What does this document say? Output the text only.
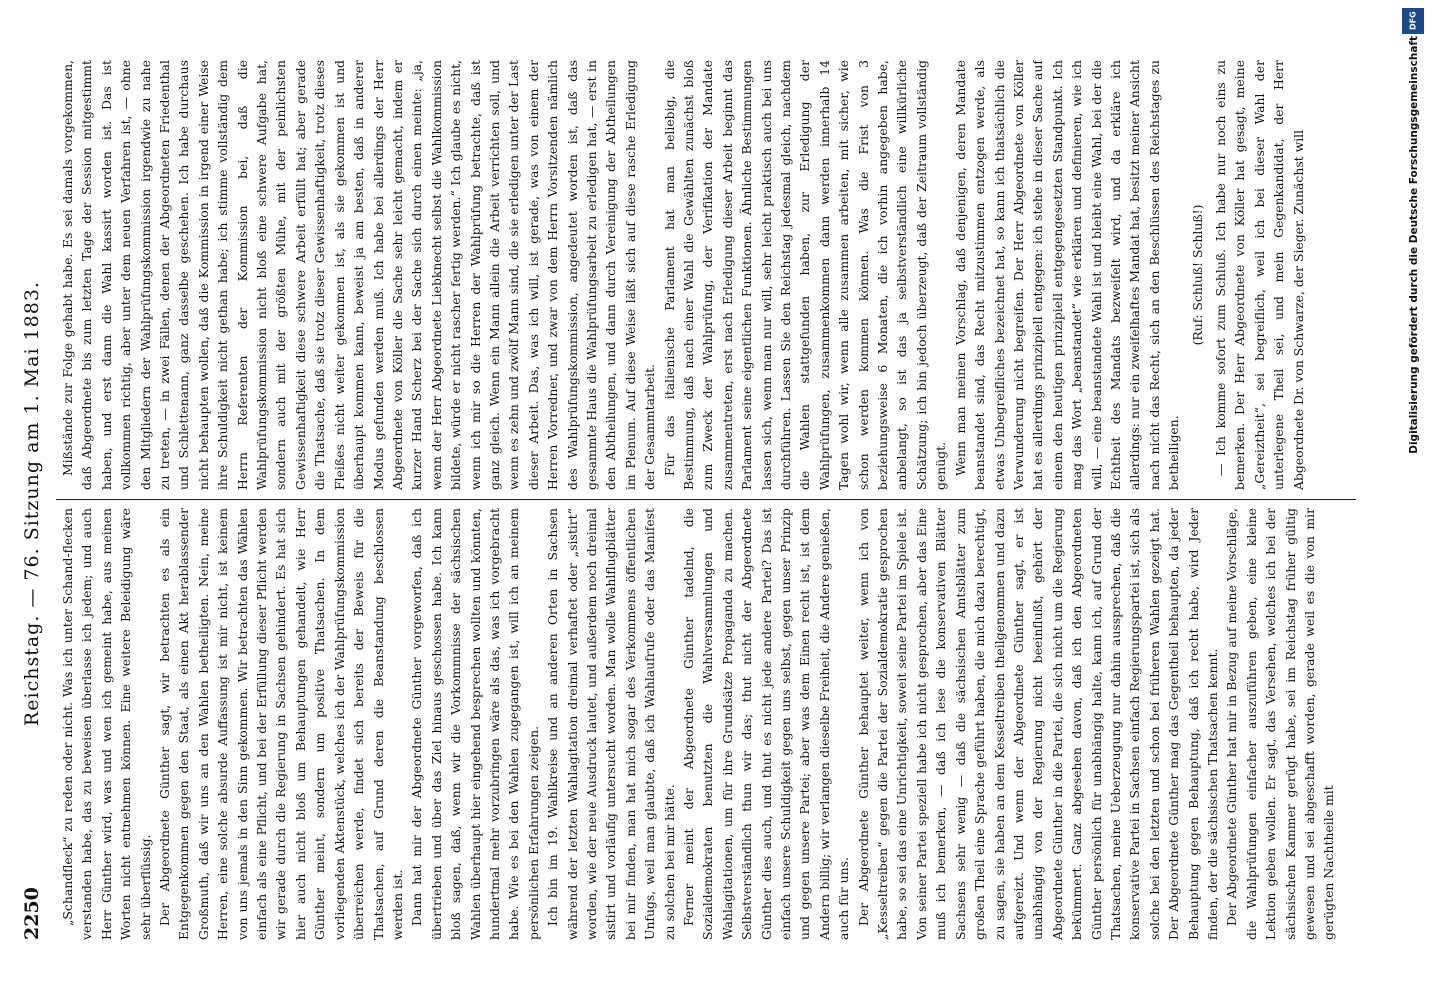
2250
Reichstag. — 76. Sitzung am 1. Mai 1883. „Schandfleck“ zu reden oder nicht. Was ich unter Schand-flecken verstanden habe, das zu beweisen überlasse ich jedem; und auch Herr Günther wird, was und wen ich gemeint habe, aus meinen Worten nicht entnehmen können. Eine weitere Beleidigung wäre sehr überflüssig. Der Abgeordnete Günther sagt, wir betrachten es als ein Entgegenkommen gegen den Staat, als einen Akt herablassender Großmuth, daß wir uns an den Wahlen betheiligten. Nein, meine Herren, eine solche absurde Auffassung ist mir nicht, ist keinem von uns jemals in den Sinn gekommen. Wir betrachten das Wählen einfach als eine Pflicht, und bei der Erfüllung dieser Pflicht werden wir gerade durch die Regierung in Sachsen gehindert. Es hat sich hier auch nicht bloß um Behauptungen gehandelt, wie Herr Günther meint, sondern um positive Thatsachen. In dem vorliegenden Aktenstück, welches ich der Wahlprüfungskommission überreichen werde, findet sich bereits der Beweis für die Thatsachen, auf Grund deren die Beanstandung beschlossen werden ist. Dann hat mir der Abgeordnete Günther vorgeworfen, daß ich übertrieben und über das Ziel hinaus geschossen habe. Ich kann bloß sagen, daß, wenn wir die Vorkommnisse der sächsischen Wahlen überhaupt hier eingehend besprechen wollten und könnten, hundertmal mehr vorzubringen wäre als das, was ich vorgebracht habe. Wie es bei den Wahlen zugegangen ist, will ich an meinem persönlichen Erfahrungen zeigen. Ich bin im 19. Wahlkreise und an anderen Orten in Sachsen während der letzten Wahlagitation dreimal verhaftet oder „sistirt“ worden, wie der neue Ausdruck lautet, und außerdem noch dreimal sistirt und vorläufig untersucht worden. Man wolle Wahlflugblätter bei mir finden, man hat mich sogar des Verkommens öffentlichen Unfugs, weil man glaubte, daß ich Wahlaufrufe oder das Manifest zu solchen bei mir hätte. Ferner meint der Abgeordnete Günther tadelnd, die Sozialdemokraten benutzten die Wahlversammlungen und Wahlagitationen, um für ihre Grundsätze Propaganda zu machen. Selbstverständlich thun wir das; thut nicht der Abgeordnete Günther dies auch, und thut es nicht jede andere Partei? Das ist einfach unsere Schuldigkeit gegen uns selbst, gegen unser Prinzip und gegen unsere Partei; aber was dem Einen recht ist, ist dem Andern billig; wir verlangen dieselbe Freiheit, die Andere genießen, auch für uns. Der Abgeordnete Günther behauptet weiter, wenn ich von „Kesseltreiben“ gegen die Partei der Sozialdemokratie gesprochen habe, so sei das eine Unrichtigkeit, soweit seine Partei im Spiele ist. Von seiner Partei speziell habe ich nicht gesprochen, aber das Eine muß ich bemerken, — daß ich lese die konservativen Blätter Sachsens sehr wenig — daß die sächsischen Amtsblätter zum großen Theil eine Sprache geführt haben, die mich dazu berechtigt, zu sagen, sie haben an dem Kesseltreiben theilgenommen und dazu aufgereizt. Und wenn der Abgeordnete Günther sagt, er ist unabhängig von der Regierung nicht beeinflußt, gehört der Abgeordnete Günther in die Partei, die sich nicht um die Regierung bekümmert. Ganz abgesehen davon, daß ich den Abgeordneten Günther persönlich für unabhängig halte, kann ich, auf Grund der Thatsachen, meine Ueberzeugung nur dahin aussprechen, daß die konservative Partei in Sachsen einfach Regierungspartei ist, sich als solche bei den letzten und schon bei früheren Wahlen gezeigt hat. Der Abgeordnete Günther mag das Gegentheil behaupten, da jeder Behauptung gegen Behauptung, daß ich recht habe, wird Jeder finden, der die sächsischen Thatsachen kennt. Der Abgeordnete Günther hat mir in Bezug auf meine Vorschläge, die Wahlprüfungen einfacher auszuführen geben, eine kleine Lektion geben wollen. Er sagt, das Versehen, welches ich bei der sächsischen Kammer gerügt habe, sei im Reichstag früher gültig gewesen und sei abgeschafft worden, gerade weil es die von mir gerügten Nachtheile mit

Mißstände zur Folge gehabt habe. Es sei damals vorgekommen, daß Abgeordnete bis zum letzten Tage der Session mitgestimmt haben, und erst dann die Wahl kassirt worden ist. Das ist vollkommen richtig, aber unter dem neuen Verfahren ist, — ohne den Mitgliedern der Wahlprüfungskommission irgendwie zu nahe zu treten, — in zwei Fällen, denen der Abgeordneten Friedenthal und Schlettenann, ganz dasselbe geschehen. Ich habe durchaus nicht behaupten wollen, daß die Kommission in irgend einer Weise ihre Schuldigkeit nicht gethan habe; ich stimme vollständig dem Herrn Referenten der Kommission bei, daß die Wahlprüfungskommission nicht bloß eine schwere Aufgabe hat, sondern auch mit der größten Mühe, mit der peinlichsten Gewissenhaftigkeit diese schwere Arbeit erfüllt hat; aber gerade die Thatsache, daß sie trotz dieser Gewissenhaftigkeit, trotz dieses Fleißes nicht weiter gekommen ist, als sie gekommen ist und überhaupt kommen kann, beweist ja am besten, daß in anderer Modus gefunden werden muß. Ich habe bei allerdings der Herr Abgeordnete von Köller die Sache sehr leicht gemacht, indem er kurzer Hand Scherz bei der Sache sich durch einen meinte: „ja, wenn der Herr Abgeordnete Liebknecht selbst die Wahlkommission bildete, würde er nicht rascher fertig werden.“ Ich glaube es nicht, wenn ich mir so die Herren der Wahlprüfung betrachte, daß ist ganz gleich. Wenn ein Mann allein die Arbeit verrichten soll, und wenn es zehn und zwölf Mann sind, die sie erledigen unter der Last dieser Arbeit. Das, was ich will, ist gerade, was von einem der Herren Vorredner, und zwar von dem Herrn Vorsitzenden nämlich des Wahlprüfungskommission, angedeutet worden ist, daß das gesammte Haus die Wahlprüfungsarbeit zu erledigen hat, — erst in den Abtheilungen, und dann durch Vereinigung der Abtheilungen im Plenum. Auf diese Weise läßt sich auf diese rasche Erledigung der Gesammtarbeit. Für das italienische Parlament hat man beliebig, die Bestimmung, daß nach einer Wahl die Gewählten zunächst bloß zum Zweck der Wahlprüfung, der Verifikation der Mandate zusammentreten, erst nach Erledigung dieser Arbeit beginnt das Parlament seine eigentlichen Funktionen. Ähnliche Bestimmungen lassen sich, wenn man nur will, sehr leicht praktisch auch bei uns durchführen. Lassen Sie den Reichstag jedesmal gleich, nachdem die Wahlen stattgefunden haben, zur Erledigung der Wahlprüfungen, zusammenkommen dann werden innerhalb 14 Tagen wohl wir, wenn alle zusammen arbeiten, mit sicher, wie schon werden kommen können. Was die Frist von 3 beziehungsweise 6 Monaten, die ich vorhin angegeben habe, anbelangt, so ist das ja selbstverständlich eine willkürliche Schätzung; ich bin jedoch überzeugt, daß der Zeitraum vollständig genügt. Wenn man meinen Vorschlag, daß denjenigen, deren Mandate beanstandet sind, das Recht mitzustimmen entzogen werde, als etwas Unbegreifliches bezeichnet hat, so kann ich thatsächlich die Verwunderung nicht begreifen. Der Herr Abgeordnete von Köller hat es allerdings prinzipiell entgegen: ich stehe in dieser Sache auf einem den heutigen prinzipiell entgegengesetzten Standpunkt. Ich mag das Wort „beanstandet“ wie erklären und definieren, wie ich will, — eine beanstandete Wahl ist und bleibt eine Wahl, bei der die Echtheit des Mandats bezweifelt wird, und da erkläre ich allerdings: nur ein zweifelhaftes Mandat hat, besitzt meiner Ansicht nach nicht das Recht, sich an den Beschlüssen des Reichstages zu betheiligen.

(Ruf: Schluß! Schluß!) — Ich komme sofort zum Schluß. Ich habe nur noch eins zu bemerken. Der Herr Abgeordnete von Köller hat gesagt, meine „Gereiztheit“, sei begreiflich, weil ich bei dieser Wahl der unterlegene Theil sei, und mein Gegenkandidat, der Herr Abgeordnete Dr. von Schwarze, der Sieger. Zunächst will	Digitalisierung gefördert durch die Deutsche Forschungsgemeinschaft
DFG
